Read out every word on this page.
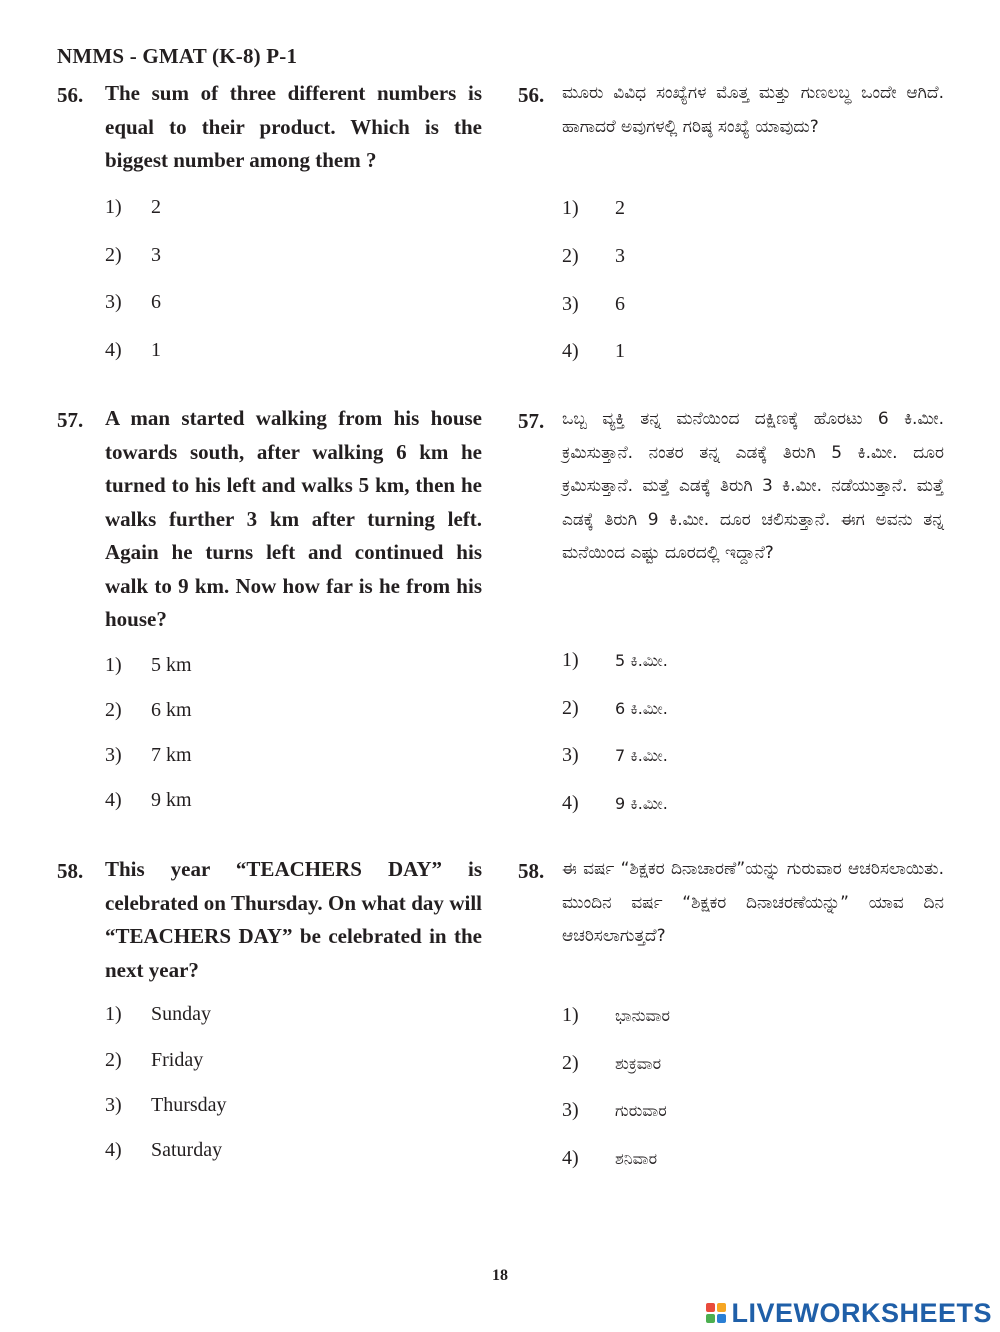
NMMS - GMAT (K-8) P-1
56. The sum of three different numbers is equal to their product. Which is the biggest number among them ?
1) 2
2) 3
3) 6
4) 1
57. A man started walking from his house towards south, after walking 6 km he turned to his left and walks 5 km, then he walks further 3 km after turning left. Again he turns left and continued his walk to 9 km. Now how far is he from his house?
1) 5 km
2) 6 km
3) 7 km
4) 9 km
58. This year “TEACHERS DAY” is celebrated on Thursday. On what day will “TEACHERS DAY” be celebrated in the next year?
1) Sunday
2) Friday
3) Thursday
4) Saturday
56. ಮೂರು ವಿವಿಧ ಸಂಖ್ಯೆಗಳ ಮೊತ್ತ ಮತ್ತು ಗುಣಲಬ್ಧ ಒಂದೇ ಆಗಿದೆ. ಹಾಗಾದರೆ ಅವುಗಳಲ್ಲಿ ಗರಿಷ್ಠ ಸಂಖ್ಯೆ ಯಾವುದು?
1) 2
2) 3
3) 6
4) 1
57. ಒಬ್ಬ ವ್ಯಕ್ತಿ ತನ್ನ ಮನೆಯಿಂದ ದಕ್ಷಿಣಕ್ಕೆ ಹೊರಟು 6 ಕಿ.ಮೀ. ಕ್ರಮಿಸುತ್ತಾನೆ. ನಂತರ ತನ್ನ ಎಡಕ್ಕೆ ತಿರುಗಿ 5 ಕಿ.ಮೀ. ದೂರ ಕ್ರಮಿಸುತ್ತಾನೆ. ಮತ್ತೆ ಎಡಕ್ಕೆ ತಿರುಗಿ 3 ಕಿ.ಮೀ. ನಡೆಯುತ್ತಾನೆ. ಮತ್ತೆ ಎಡಕ್ಕೆ ತಿರುಗಿ 9 ಕಿ.ಮೀ. ದೂರ ಚಲಿಸುತ್ತಾನೆ. ಈಗ ಅವನು ತನ್ನ ಮನೆಯಿಂದ ಎಷ್ಟು ದೂರದಲ್ಲಿ ಇದ್ದಾನೆ?
1) 5 ಕಿ.ಮೀ.
2) 6 ಕಿ.ಮೀ.
3) 7 ಕಿ.ಮೀ.
4) 9 ಕಿ.ಮೀ.
58. ಈ ವರ್ಷ “ಶಿಕ್ಷಕರ ದಿನಾಚಾರಣೆ”ಯನ್ನು ಗುರುವಾರ ಆಚರಿಸಲಾಯಿತು. ಮುಂದಿನ ವರ್ಷ “ಶಿಕ್ಷಕರ ದಿನಾಚರಣೆಯನ್ನು” ಯಾವ ದಿನ ಆಚರಿಸಲಾಗುತ್ತದೆ?
1) ಭಾನುವಾರ
2) ಶುಕ್ರವಾರ
3) ಗುರುವಾರ
4) ಶನಿವಾರ
18
LIVEWORKSHEETS
